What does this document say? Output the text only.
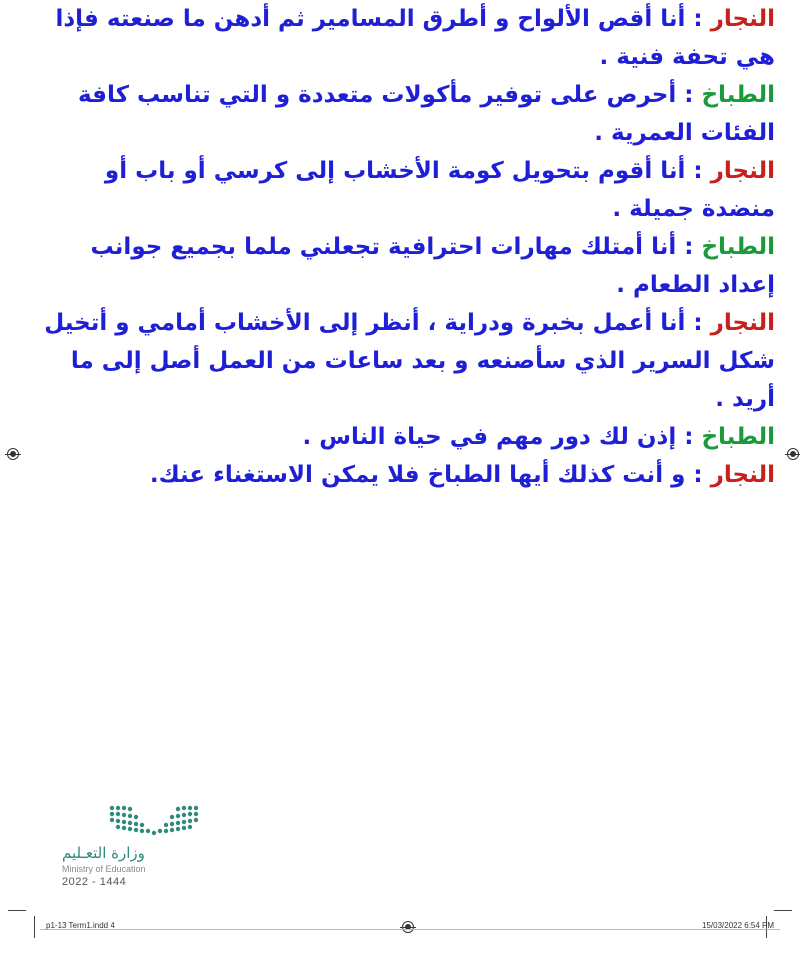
النجار : أنا أقص الألواح و أطرق المسامير ثم أدهن ما صنعته فإذا هي تحفة فنية .

الطباخ : أحرص على توفير مأكولات متعددة و التي تناسب كافة الفئات العمرية .

النجار : أنا أقوم بتحويل كومة الأخشاب إلى كرسي أو باب أو منضدة جميلة .

الطباخ : أنا أمتلك مهارات احترافية تجعلني ملما بجميع جوانب إعداد الطعام .

النجار : أنا أعمل بخبرة ودراية ، أنظر إلى الأخشاب أمامي و أتخيل شكل السرير الذي سأصنعه و بعد ساعات من العمل أصل إلى ما أريد .

الطباخ : إذن لك دور مهم في حياة الناس .

النجار : و أنت كذلك أيها الطباخ فلا يمكن الاستغناء عنك.

وزارة التعـليم
Ministry of Education
2022 - 1444
p1-13 Term1.indd 4	15/03/2022 6:54 PM
